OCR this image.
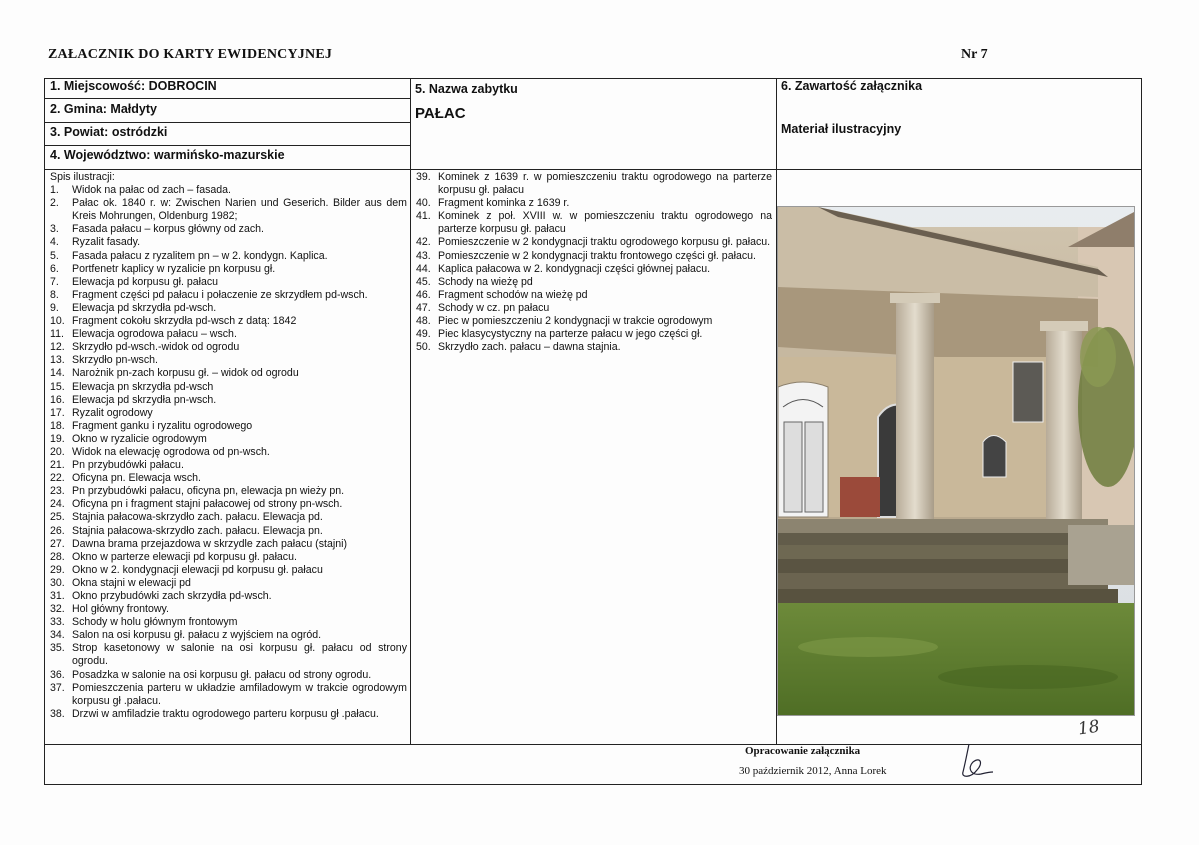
ZAŁACZNIK DO KARTY EWIDENCYJNEJ	Nr 7
1. Miejscowość: DOBROCIN
2. Gmina: Małdyty
3. Powiat: ostródzki
4. Województwo: warmińsko-mazurskie
5. Nazwa zabytku
PAŁAC
6. Zawartość załącznika
Materiał ilustracyjny
Spis ilustracji:
1.	Widok na pałac od zach – fasada.
2.	Pałac ok. 1840 r. w: Zwischen Narien und Geserich. Bilder aus dem Kreis Mohrungen, Oldenburg 1982;
3.	Fasada pałacu – korpus główny od zach.
4.	Ryzalit fasady.
5.	Fasada pałacu z ryzalitem pn – w 2. kondygn. Kaplica.
6.	Portfenetr kaplicy w ryzalicie pn korpusu gł.
7.	Elewacja pd korpusu gł. pałacu
8.	Fragment części pd pałacu i połaczenie ze skrzydłem pd-wsch.
9.	Elewacja pd skrzydła pd-wsch.
10. Fragment cokołu skrzydła pd-wsch z datą: 1842
11. Elewacja ogrodowa pałacu – wsch.
12. Skrzydło pd-wsch.-widok od ogrodu
13. Skrzydło pn-wsch.
14. Narożnik pn-zach korpusu gł. – widok od ogrodu
15. Elewacja pn skrzydła pd-wsch
16. Elewacja pd skrzydła pn-wsch.
17. Ryzalit ogrodowy
18. Fragment ganku i ryzalitu ogrodowego
19. Okno w ryzalicie ogrodowym
20. Widok na elewację ogrodowa od pn-wsch.
21. Pn przybudówki pałacu.
22. Oficyna pn. Elewacja wsch.
23. Pn przybudówki pałacu, oficyna pn, elewacja pn wieży pn.
24. Oficyna pn i fragment stajni pałacowej od strony pn-wsch.
25. Stajnia pałacowa-skrzydło zach. pałacu. Elewacja pd.
26. Stajnia pałacowa-skrzydło zach. pałacu. Elewacja pn.
27. Dawna brama przejazdowa w skrzydle zach pałacu (stajni)
28. Okno w parterze elewacji pd korpusu gł. pałacu.
29. Okno w 2. kondygnacji elewacji pd korpusu gł. pałacu
30. Okna stajni w elewacji pd
31. Okno przybudówki zach skrzydła pd-wsch.
32. Hol główny frontowy.
33. Schody w holu głównym frontowym
34. Salon na osi korpusu gł. pałacu z wyjściem na ogród.
35. Strop kasetonowy w salonie na osi korpusu gł. pałacu od strony ogrodu.
36. Posadzka w salonie na osi korpusu gł. pałacu od strony ogrodu.
37. Pomieszczenia parteru w układzie amfiladowym w trakcie ogrodowym korpusu gł .pałacu.
38. Drzwi w amfiladzie traktu ogrodowego parteru korpusu gł .pałacu.
39. Kominek z 1639 r. w pomieszczeniu traktu ogrodowego na parterze korpusu gł. pałacu
40. Fragment kominka z 1639 r.
41. Kominek z poł. XVIII w. w pomieszczeniu traktu ogrodowego na parterze korpusu gł. pałacu
42. Pomieszczenie w 2 kondygnacji traktu ogrodowego korpusu gł. pałacu.
43. Pomieszczenie w 2 kondygnacji traktu frontowego części gł. pałacu.
44. Kaplica pałacowa w 2. kondygnacji części głównej pałacu.
45. Schody na wieżę pd
46. Fragment schodów na wieżę pd
47. Schody w cz. pn pałacu
48. Piec w pomieszczeniu 2 kondygnacji w trakcie ogrodowym
49. Piec klasycystyczny na parterze pałacu w jego części gł.
50. Skrzydło zach. pałacu – dawna stajnia.
Opracowanie załącznika
30 październik 2012, Anna Lorek
18
